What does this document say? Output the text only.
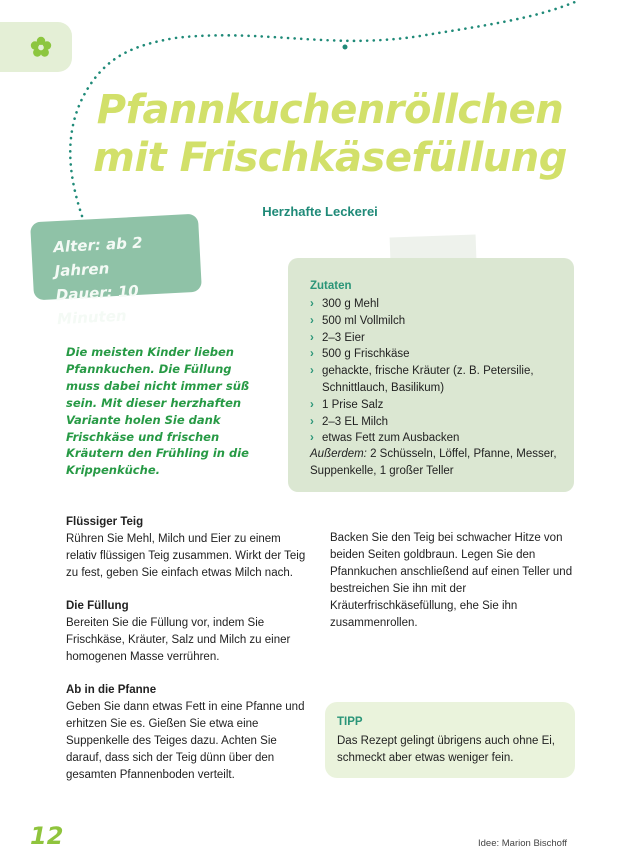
Pfannkuchenröllchen
mit Frischkäsefüllung
Herzhafte Leckerei
Alter: ab 2 Jahren
Dauer: 10 Minuten
Zutaten
› 300 g Mehl
› 500 ml Vollmilch
› 2–3 Eier
› 500 g Frischkäse
› gehackte, frische Kräuter (z. B. Petersilie, Schnittlauch, Basilikum)
› 1 Prise Salz
› 2–3 EL Milch
› etwas Fett zum Ausbacken
Außerdem: 2 Schüsseln, Löffel, Pfanne, Messer, Suppenkelle, 1 großer Teller
Die meisten Kinder lieben Pfannkuchen. Die Füllung muss dabei nicht immer süß sein. Mit dieser herzhaften Variante holen Sie dank Frischkäse und frischen Kräutern den Frühling in die Krippenküche.
Flüssiger Teig

Rühren Sie Mehl, Milch und Eier zu einem relativ flüssigen Teig zusammen. Wirkt der Teig zu fest, geben Sie einfach etwas Milch nach.

Die Füllung

Bereiten Sie die Füllung vor, indem Sie Frischkäse, Kräuter, Salz und Milch zu einer homogenen Masse verrühren.

Ab in die Pfanne

Geben Sie dann etwas Fett in eine Pfanne und erhitzen Sie es. Gießen Sie etwa eine Suppenkelle des Teiges dazu. Achten Sie darauf, dass sich der Teig dünn über den gesamten Pfannenboden verteilt.

Backen Sie den Teig bei schwacher Hitze von beiden Seiten goldbraun. Legen Sie den Pfannkuchen anschließend auf einen Teller und bestreichen Sie ihn mit der Kräuterfrischkäsefüllung, ehe Sie ihn zusammenrollen.

TIPP
Das Rezept gelingt übrigens auch ohne Ei, schmeckt aber etwas weniger fein.
12	Idee: Marion Bischoff
